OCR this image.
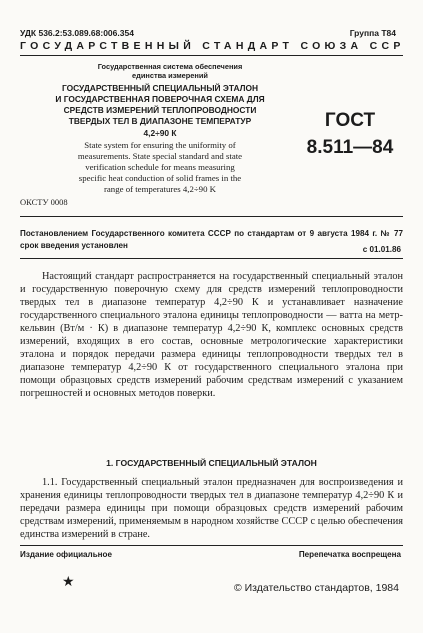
УДК 536.2:53.089.68:006.354	Группа Т84
ГОСУДАРСТВЕННЫЙ СТАНДАРТ СОЮЗА ССР
Государственная система обеспечения
единства измерений
ГОСУДАРСТВЕННЫЙ СПЕЦИАЛЬНЫЙ ЭТАЛОН
И ГОСУДАРСТВЕННАЯ ПОВЕРОЧНАЯ СХЕМА ДЛЯ
СРЕДСТВ ИЗМЕРЕНИЙ ТЕПЛОПРОВОДНОСТИ
ТВЕРДЫХ ТЕЛ В ДИАПАЗОНЕ ТЕМПЕРАТУР
4,2÷90 К
State system for ensuring the uniformity of
measurements. State special standard and state
verification schedule for means measuring
specific heat conduction of solid frames in the
range of temperatures 4,2÷90 K
ГОСТ
8.511—84
ОКСТУ 0008
Постановлением Государственного комитета СССР по стандартам от 9 августа 1984 г. № 77 срок введения установлен	с 01.01.86

Настоящий стандарт распространяется на государственный специальный эталон и государственную поверочную схему для средств измерений теплопроводности твердых тел в диапазоне температур 4,2÷90 К и устанавливает назначение государственного специального эталона единицы теплопроводности — ватта на метр-кельвин (Вт/м · К) в диапазоне температур 4,2÷90 К, комплекс основных средств измерений, входящих в его состав, основные метрологические характеристики эталона и порядок передачи размера единицы теплопроводности твердых тел в диапазоне температур 4,2÷90 К от государственного специального эталона при помощи образцовых средств измерений рабочим средствам измерений с указанием погрешностей и основных методов поверки.

1. ГОСУДАРСТВЕННЫЙ СПЕЦИАЛЬНЫЙ ЭТАЛОН

1.1. Государственный специальный эталон предназначен для воспроизведения и хранения единицы теплопроводности твердых тел в диапазоне температур 4,2÷90 К и передачи размера единицы при помощи образцовых средств измерений рабочим средствам измерений, применяемым в народном хозяйстве СССР с целью обеспечения единства измерений в стране.

Издание официальное	Перепечатка воспрещена
★	© Издательство стандартов, 1984
